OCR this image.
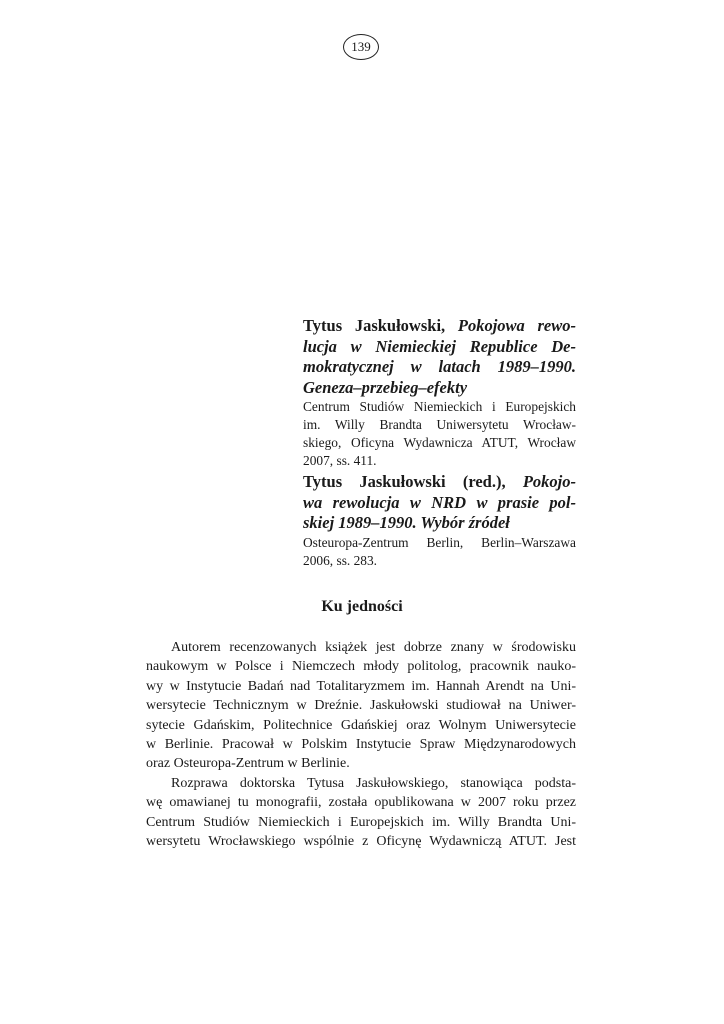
139
Tytus Jaskułowski, Pokojowa rewo-
lucja w Niemieckiej Republice De-
mokratycznej w latach 1989–1990.
Geneza–przebieg–efekty
Centrum Studiów Niemieckich i Europejskich
im. Willy Brandta Uniwersytetu Wrocław-
skiego, Oficyna Wydawnicza ATUT, Wrocław
2007, ss. 411.
Tytus Jaskułowski (red.), Pokojo-
wa rewolucja w NRD w prasie pol-
skiej 1989–1990. Wybór źródeł
Osteuropa-Zentrum Berlin, Berlin–Warszawa
2006, ss. 283.
Ku jedności
Autorem recenzowanych książek jest dobrze znany w środowisku
naukowym w Polsce i Niemczech młody politolog, pracownik nauko-
wy w Instytucie Badań nad Totalitaryzmem im. Hannah Arendt na Uni-
wersytecie Technicznym w Dreźnie. Jaskułowski studiował na Uniwer-
sytecie Gdańskim, Politechnice Gdańskiej oraz Wolnym Uniwersytecie
w Berlinie. Pracował w Polskim Instytucie Spraw Międzynarodowych
oraz Osteuropa-Zentrum w Berlinie.
Rozprawa doktorska Tytusa Jaskułowskiego, stanowiąca podsta-
wę omawianej tu monografii, została opublikowana w 2007 roku przez
Centrum Studiów Niemieckich i Europejskich im. Willy Brandta Uni-
wersytetu Wrocławskiego wspólnie z Oficynę Wydawniczą ATUT. Jest
